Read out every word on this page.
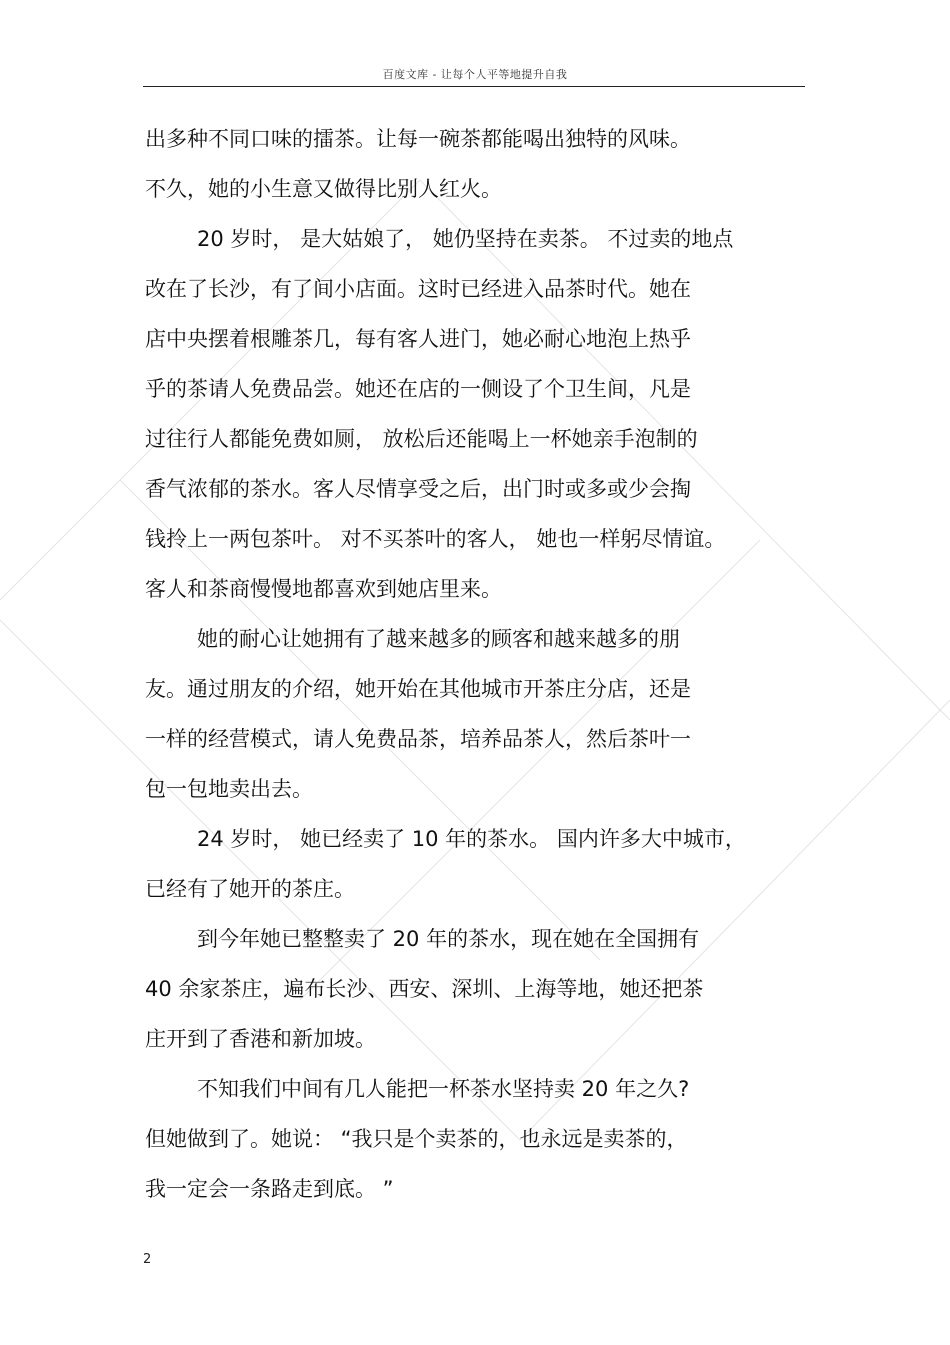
百度文库 - 让每个人平等地提升自我
出多种不同口味的擂茶。让每一碗茶都能喝出独特的风味。
不久，她的小生意又做得比别人红火。
20 岁时， 是大姑娘了， 她仍坚持在卖茶。 不过卖的地点
改在了长沙，有了间小店面。这时已经进入品茶时代。她在
店中央摆着根雕茶几，每有客人进门，她必耐心地泡上热乎
乎的茶请人免费品尝。她还在店的一侧设了个卫生间，凡是
过往行人都能免费如厕， 放松后还能喝上一杯她亲手泡制的
香气浓郁的茶水。客人尽情享受之后，出门时或多或少会掏
钱拎上一两包茶叶。 对不买茶叶的客人， 她也一样躬尽情谊。
客人和茶商慢慢地都喜欢到她店里来。
她的耐心让她拥有了越来越多的顾客和越来越多的朋
友。通过朋友的介绍，她开始在其他城市开茶庄分店，还是
一样的经营模式，请人免费品茶，培养品茶人，然后茶叶一
包一包地卖出去。
24 岁时， 她已经卖了 10 年的茶水。 国内许多大中城市，
已经有了她开的茶庄。
到今年她已整整卖了 20 年的茶水，现在她在全国拥有
40 余家茶庄，遍布长沙、西安、深圳、上海等地，她还把茶
庄开到了香港和新加坡。
不知我们中间有几人能把一杯茶水坚持卖 20 年之久?
但她做到了。她说： “我只是个卖茶的，也永远是卖茶的，
我一定会一条路走到底。 ”
2
